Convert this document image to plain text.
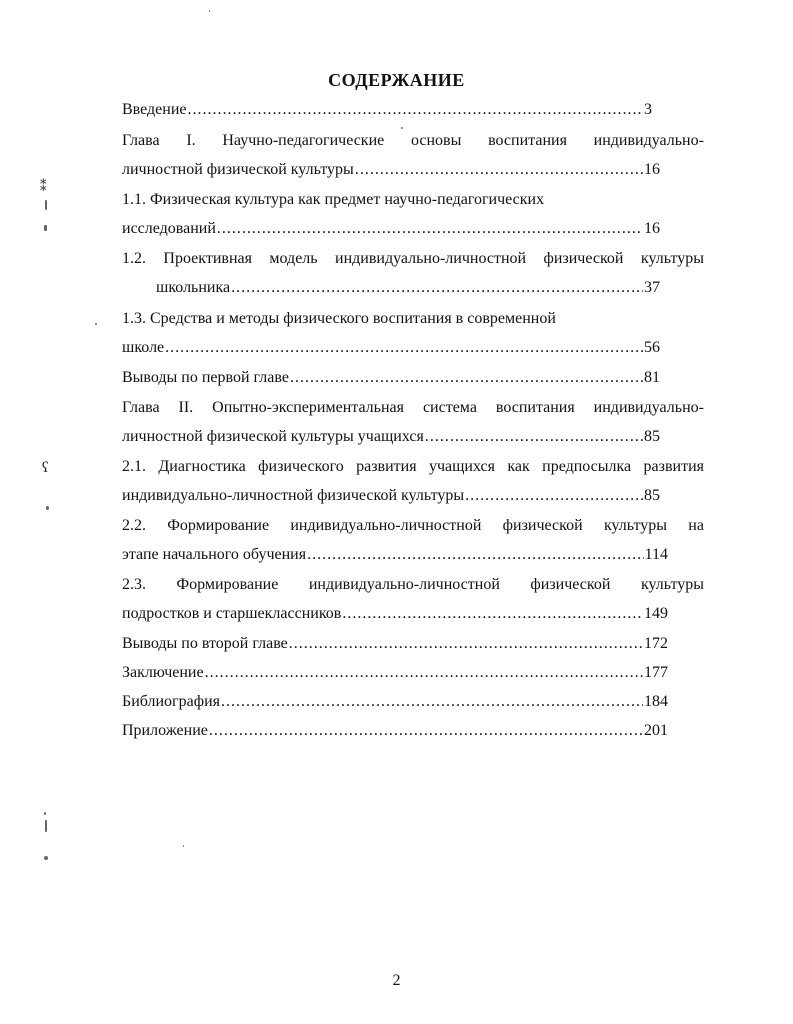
СОДЕРЖАНИЕ
Введение .....	3
Глава I. Научно-педагогические основы воспитания индивидуально-
личностной физической культуры .....	16
1.1. Физическая культура как предмет научно-педагогических
исследований .....	16
1.2. Проективная модель индивидуально-личностной физической культуры
школьника .....	37
1.3. Средства и методы физического воспитания в современной
школе .....	56
Выводы по первой главе .....	81
Глава II. Опытно-экспериментальная система воспитания индивидуально-
личностной физической культуры учащихся .....	85
2.1. Диагностика физического развития учащихся как предпосылка развития
индивидуально-личностной физической культуры .....	85
2.2. Формирование индивидуально-личностной физической культуры на
этапе начального обучения .....	114
2.3. Формирование индивидуально-личностной физической культуры
подростков и старшеклассников .....	149
Выводы по второй главе .....	172
Заключение .....	177
Библиография .....	184
Приложение .....	201
2
⁑
ʕ
